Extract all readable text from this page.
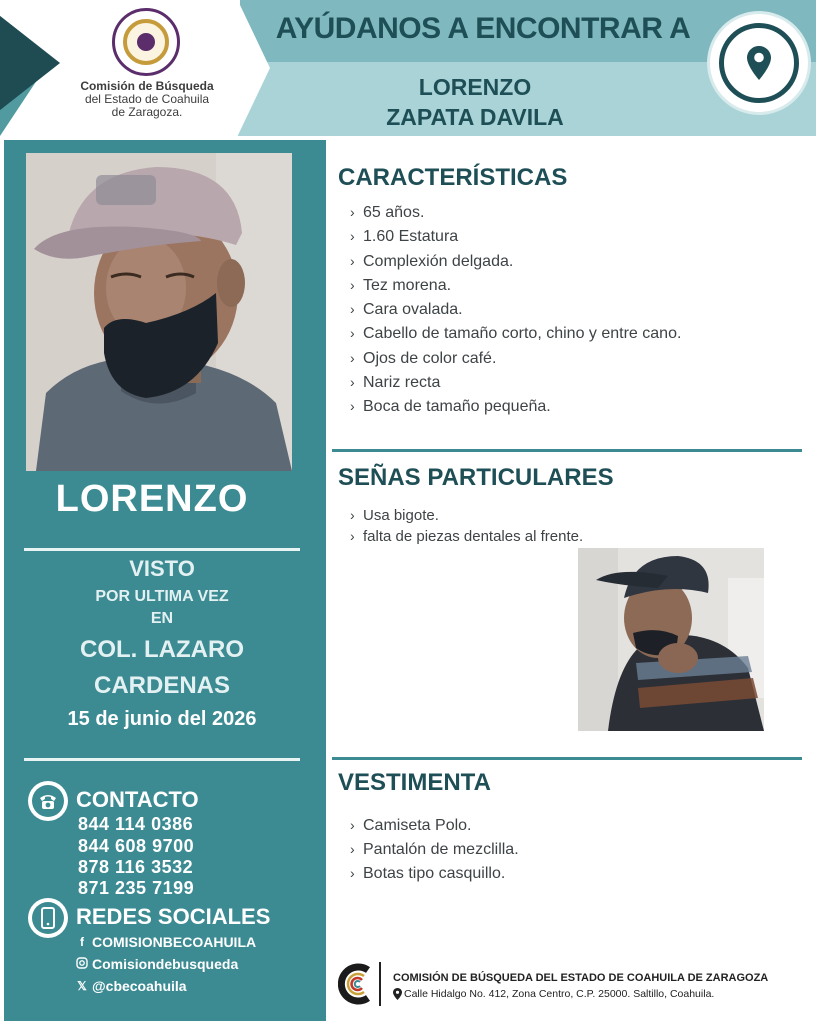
Comisión de Búsqueda
del Estado de Coahuila
de Zaragoza.
AYÚDANOS A ENCONTRAR A
LORENZO
ZAPATA DAVILA
LORENZO
VISTO
POR ULTIMA VEZ
EN
COL. LAZARO
CARDENAS
15 de junio del 2026
CONTACTO
844 114 0386
844 608 9700
878 116 3532
871 235 7199
REDES SOCIALES
f COMISIONBECOAHUILA
Comisiondebusqueda
𝕏 @cbecoahuila
CARACTERÍSTICAS
› 65 años.
› 1.60 Estatura
› Complexión delgada.
› Tez morena.
› Cara ovalada.
› Cabello de tamaño corto, chino y entre cano.
› Ojos de color café.
› Nariz recta
› Boca de tamaño pequeña.
SEÑAS PARTICULARES
› Usa bigote.
› falta de piezas dentales al frente.
VESTIMENTA
› Camiseta Polo.
› Pantalón de mezclilla.
› Botas tipo casquillo.
COMISIÓN DE BÚSQUEDA DEL ESTADO DE COAHUILA DE ZARAGOZA
Calle Hidalgo No. 412, Zona Centro, C.P. 25000. Saltillo, Coahuila.
